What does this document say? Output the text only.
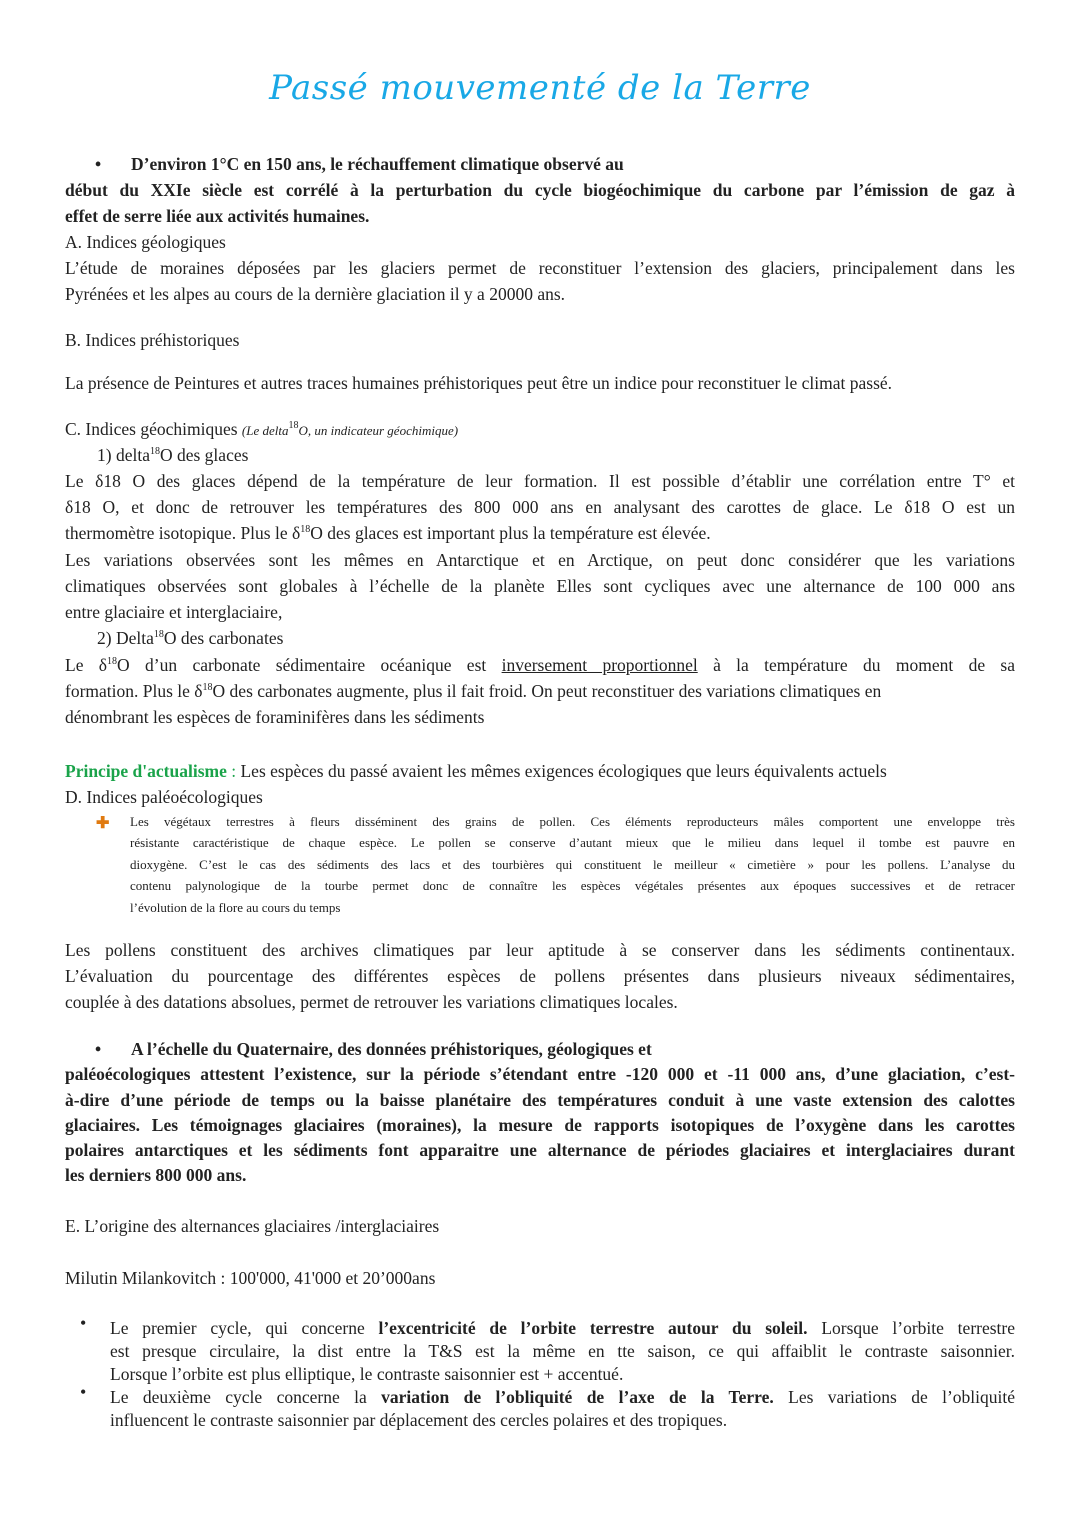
Passé mouvementé de la Terre
• D’environ 1°C en 150 ans, le réchauffement climatique observé au
début du XXIe siècle est corrélé à la perturbation du cycle biogéochimique du carbone par l’émission de gaz à
effet de serre liée aux activités humaines.
A. Indices géologiques
L’étude de moraines déposées par les glaciers permet de reconstituer l’extension des glaciers, principalement dans les
Pyrénées et les alpes au cours de la dernière glaciation il y a 20000 ans.
B. Indices préhistoriques
La présence de Peintures et autres traces humaines préhistoriques peut être un indice pour reconstituer le climat passé.
C. Indices géochimiques (Le delta$^{18}$O, un indicateur géochimique)
1) delta$^{18}$O des glaces
Le δ18 O des glaces dépend de la température de leur formation. Il est possible d’établir une corrélation entre T° et
δ18 O, et donc de retrouver les températures des 800 000 ans en analysant des carottes de glace. Le δ18 O est un
thermomètre isotopique. Plus le $\delta^{18}O$ des glaces est important plus la température est élevée.
Les variations observées sont les mêmes en Antarctique et en Arctique, on peut donc considérer que les variations
climatiques observées sont globales à l’échelle de la planète Elles sont cycliques avec une alternance de 100 000 ans
entre glaciaire et interglaciaire,
2) Delta$^{18}$O des carbonates
Le $\delta^{18}O$ d’un carbonate sédimentaire océanique est inversement proportionnel à la température du moment de sa
formation. Plus le $\delta^{18}O$ des carbonates augmente, plus il fait froid. On peut reconstituer des variations climatiques en
dénombrant les espèces de foraminifères dans les sédiments
Principe d'actualisme : Les espèces du passé avaient les mêmes exigences écologiques que leurs équivalents actuels
D. Indices paléoécologiques
✚ Les végétaux terrestres à fleurs disséminent des grains de pollen. Ces éléments reproducteurs mâles comportent une enveloppe très
résistante caractéristique de chaque espèce. Le pollen se conserve d’autant mieux que le milieu dans lequel il tombe est pauvre en
dioxygène. C’est le cas des sédiments des lacs et des tourbières qui constituent le meilleur « cimetière » pour les pollens. L’analyse du
contenu palynologique de la tourbe permet donc de connaître les espèces végétales présentes aux époques successives et de retracer
l’évolution de la flore au cours du temps
Les pollens constituent des archives climatiques par leur aptitude à se conserver dans les sédiments continentaux.
L’évaluation du pourcentage des différentes espèces de pollens présentes dans plusieurs niveaux sédimentaires,
couplée à des datations absolues, permet de retrouver les variations climatiques locales.
• A l’échelle du Quaternaire, des données préhistoriques, géologiques et
paléoécologiques attestent l’existence, sur la période s’étendant entre -120 000 et -11 000 ans, d’une glaciation, c’est-
à-dire d’une période de temps ou la baisse planétaire des températures conduit à une vaste extension des calottes
glaciaires. Les témoignages glaciaires (moraines), la mesure de rapports isotopiques de l’oxygène dans les carottes
polaires antarctiques et les sédiments font apparaitre une alternance de périodes glaciaires et interglaciaires durant
les derniers 800 000 ans.
E. L’origine des alternances glaciaires /interglaciaires
Milutin Milankovitch : 100'000, 41'000 et 20’000ans
• Le premier cycle, qui concerne l’excentricité de l’orbite terrestre autour du soleil. Lorsque l’orbite terrestre
est presque circulaire, la dist entre la T&S est la même en tte saison, ce qui affaiblit le contraste saisonnier.
Lorsque l’orbite est plus elliptique, le contraste saisonnier est + accentué.
• Le deuxième cycle concerne la variation de l’obliquité de l’axe de la Terre. Les variations de l’obliquité
influencent le contraste saisonnier par déplacement des cercles polaires et des tropiques.
